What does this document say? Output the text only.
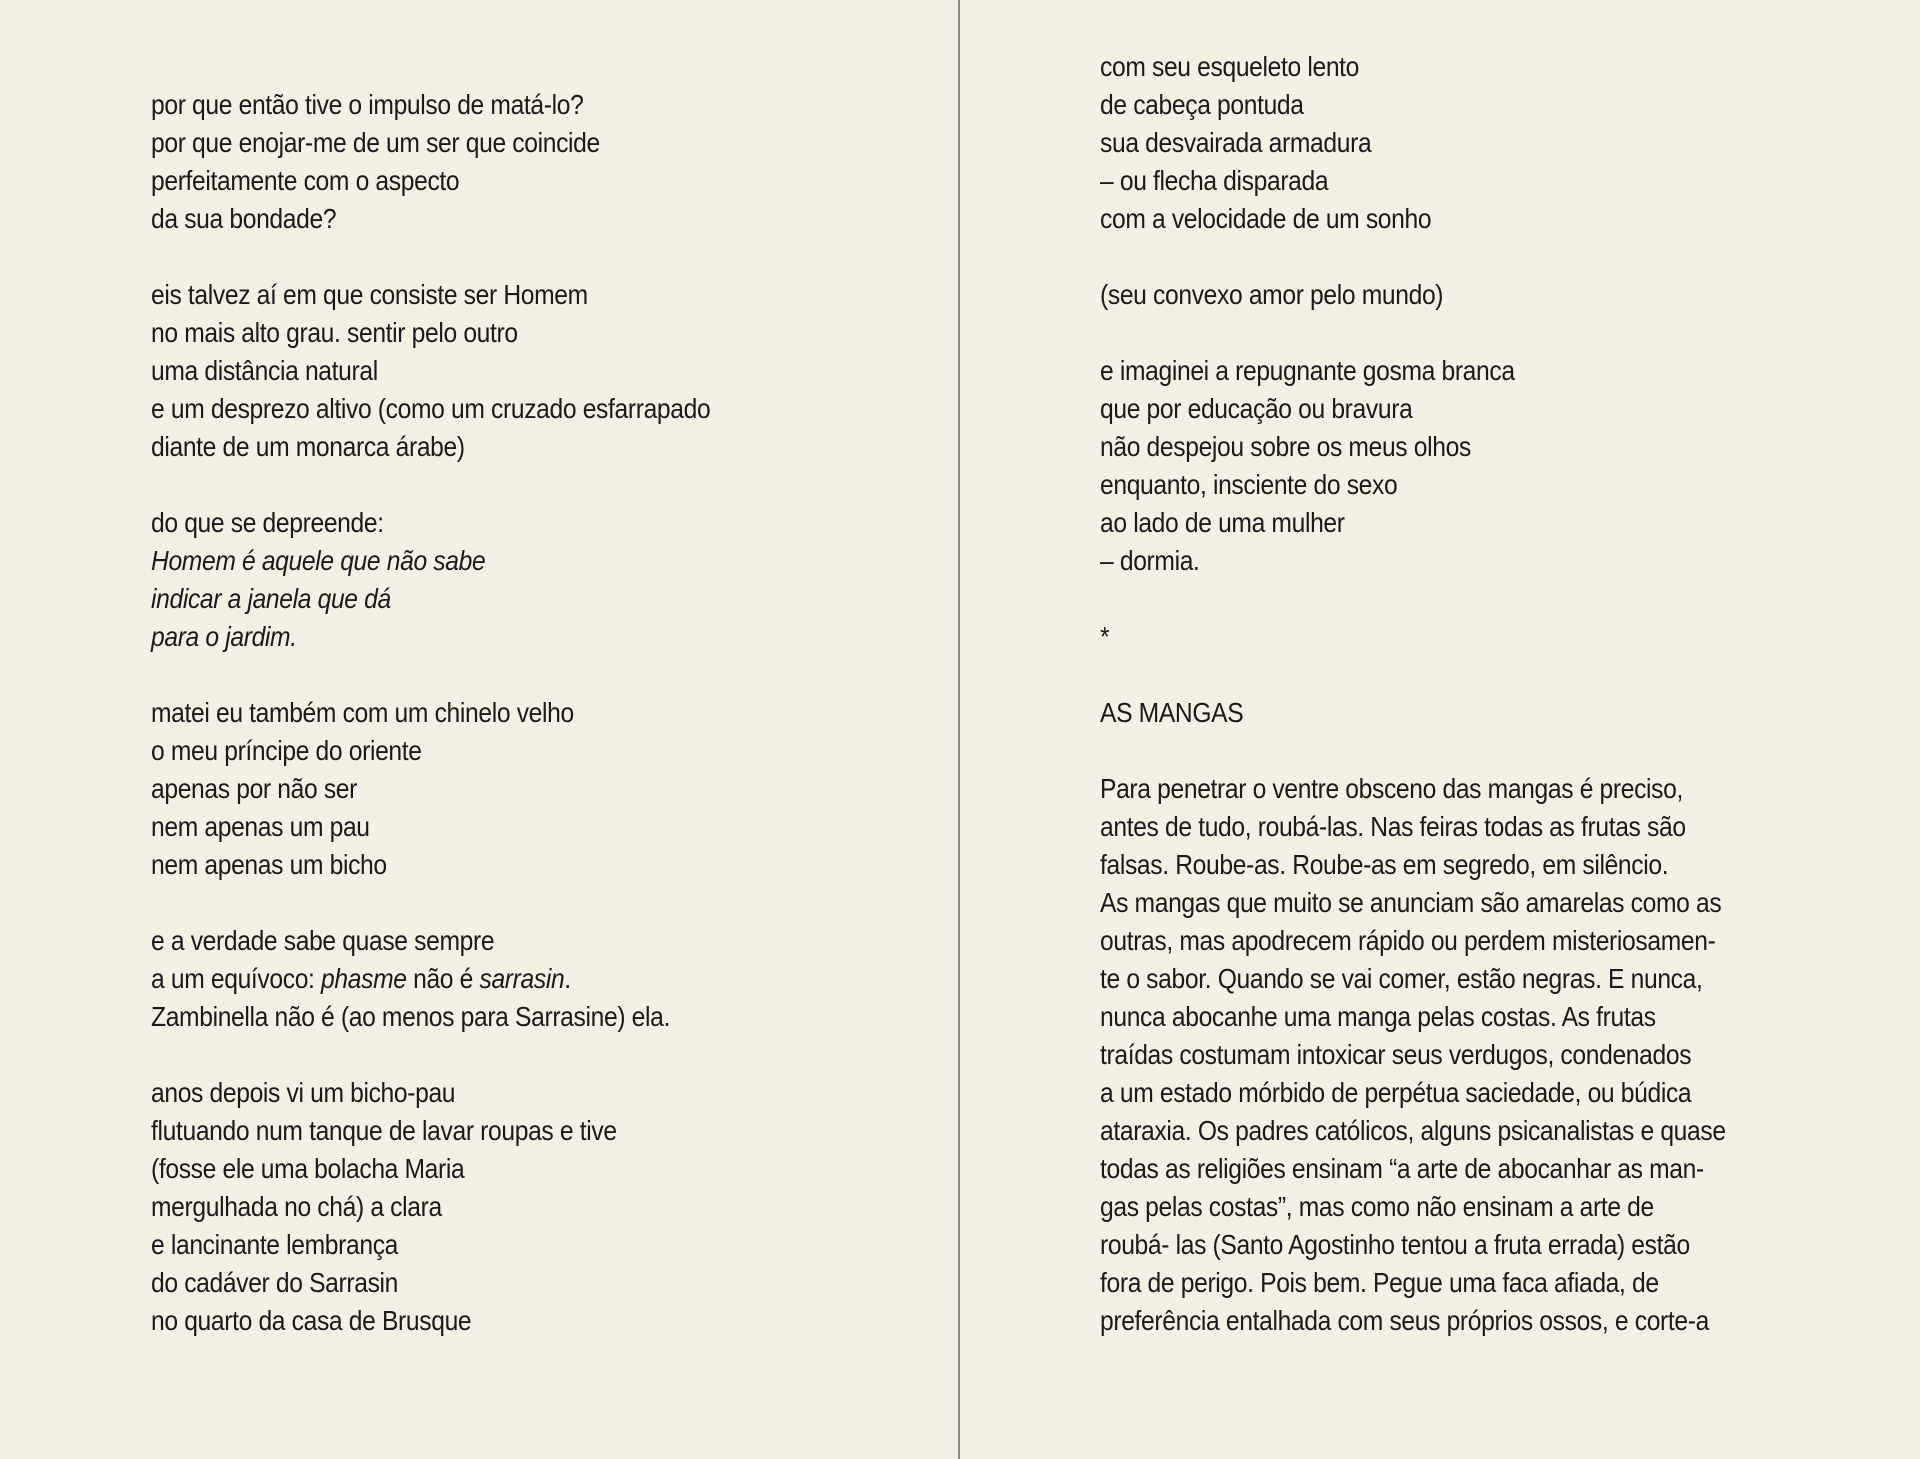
por que então tive o impulso de matá-lo?
por que enojar-me de um ser que coincide
perfeitamente com o aspecto
da sua bondade?
eis talvez aí em que consiste ser Homem
no mais alto grau. sentir pelo outro
uma distância natural
e um desprezo altivo (como um cruzado esfarrapado
diante de um monarca árabe)
do que se depreende:
Homem é aquele que não sabe
indicar a janela que dá
para o jardim.
matei eu também com um chinelo velho
o meu príncipe do oriente
apenas por não ser
nem apenas um pau
nem apenas um bicho
e a verdade sabe quase sempre
a um equívoco: phasme não é sarrasin.
Zambinella não é (ao menos para Sarrasine) ela.
anos depois vi um bicho-pau
flutuando num tanque de lavar roupas e tive
(fosse ele uma bolacha Maria
mergulhada no chá) a clara
e lancinante lembrança
do cadáver do Sarrasin
no quarto da casa de Brusque
com seu esqueleto lento
de cabeça pontuda
sua desvairada armadura
– ou flecha disparada
com a velocidade de um sonho
(seu convexo amor pelo mundo)
e imaginei a repugnante gosma branca
que por educação ou bravura
não despejou sobre os meus olhos
enquanto, insciente do sexo
ao lado de uma mulher
– dormia.
*
AS MANGAS
Para penetrar o ventre obsceno das mangas é preciso,
antes de tudo, roubá-las. Nas feiras todas as frutas são
falsas. Roube-as. Roube-as em segredo, em silêncio.
As mangas que muito se anunciam são amarelas como as
outras, mas apodrecem rápido ou perdem misteriosamen-
te o sabor. Quando se vai comer, estão negras. E nunca,
nunca abocanhe uma manga pelas costas. As frutas
traídas costumam intoxicar seus verdugos, condenados
a um estado mórbido de perpétua saciedade, ou búdica
ataraxia. Os padres católicos, alguns psicanalistas e quase
todas as religiões ensinam “a arte de abocanhar as man-
gas pelas costas”, mas como não ensinam a arte de
roubá- las (Santo Agostinho tentou a fruta errada) estão
fora de perigo. Pois bem. Pegue uma faca afiada, de
preferência entalhada com seus próprios ossos, e corte-a
